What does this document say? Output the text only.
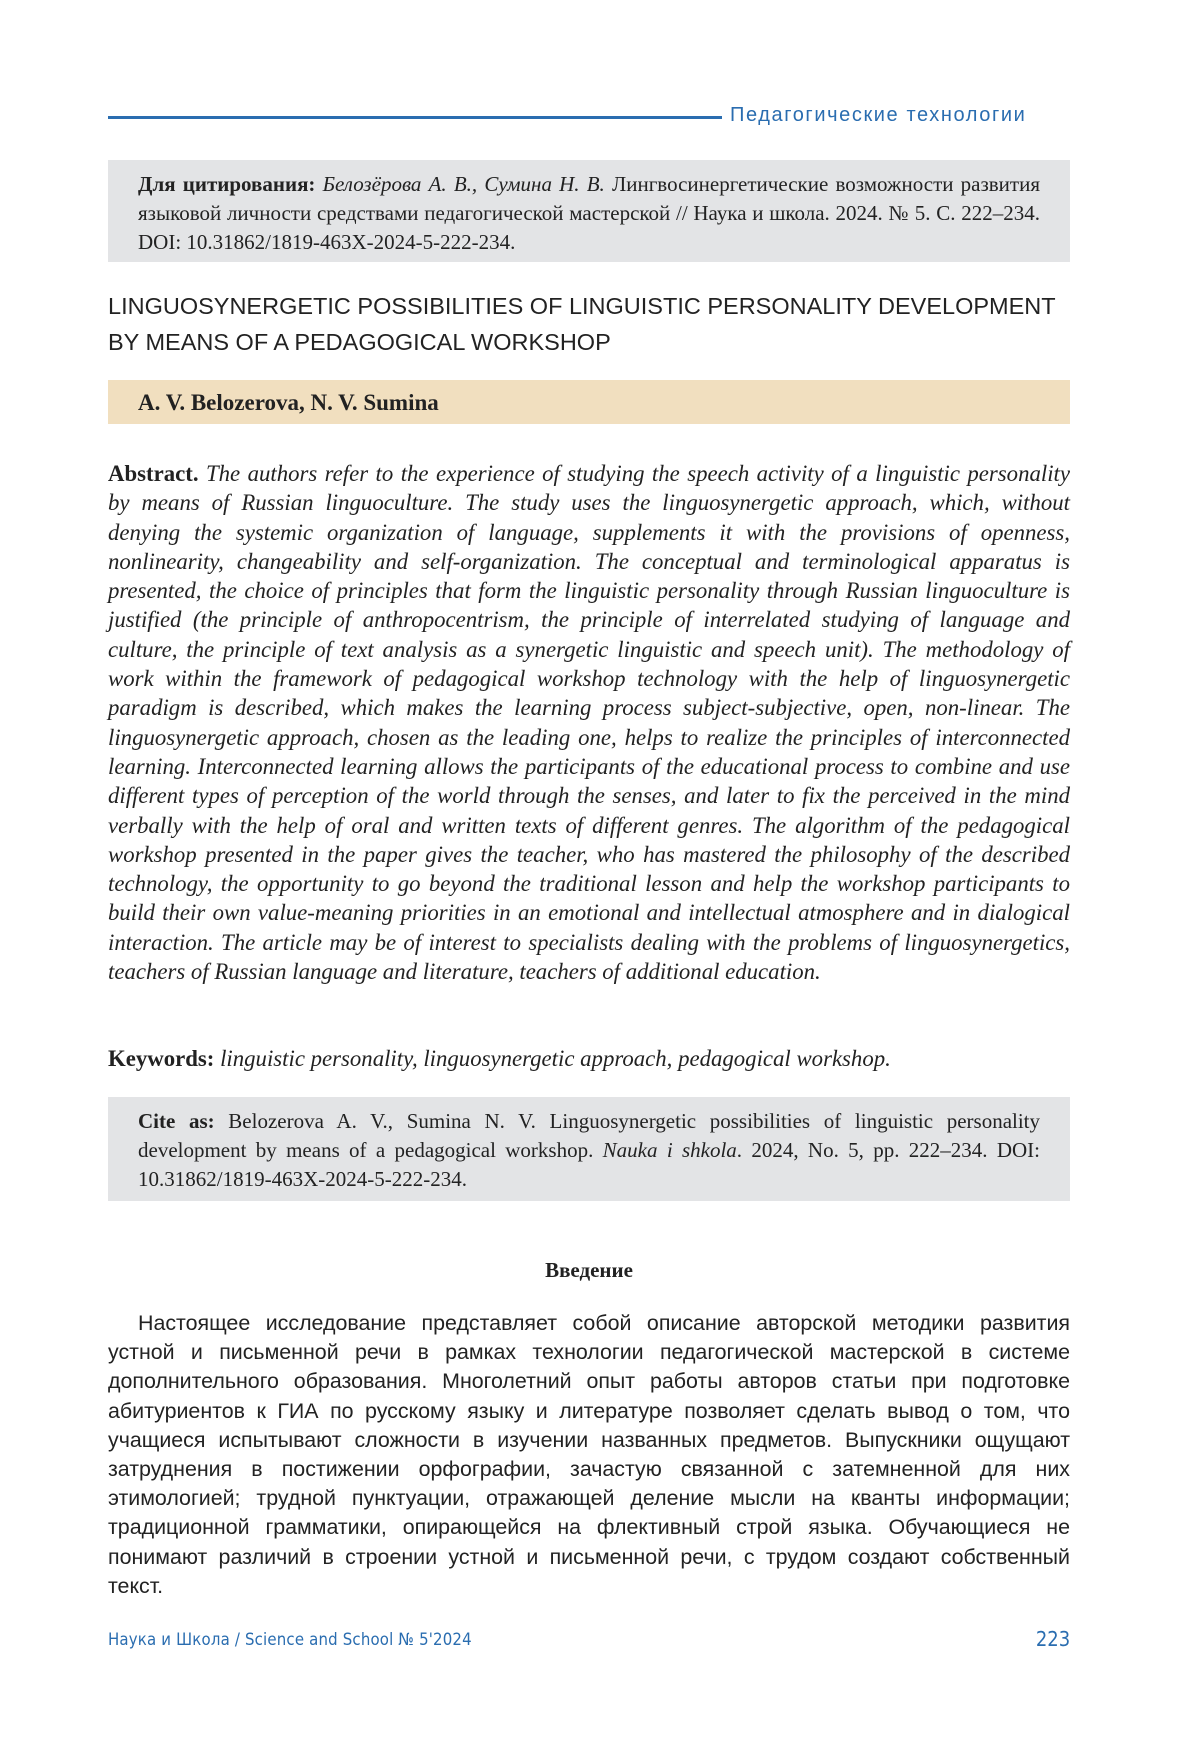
Педагогические технологии
Для цитирования: Белозёрова А. В., Сумина Н. В. Лингвосинергетические возможности развития языковой личности средствами педагогической мастерской // Наука и школа. 2024. № 5. С. 222–234. DOI: 10.31862/1819-463Х-2024-5-222-234.
LINGUOSYNERGETIC POSSIBILITIES OF LINGUISTIC PERSONALITY DEVELOPMENT BY MEANS OF A PEDAGOGICAL WORKSHOP
A. V. Belozerova, N. V. Sumina
Abstract. The authors refer to the experience of studying the speech activity of a linguistic personality by means of Russian linguoculture. The study uses the linguosynergetic approach, which, without denying the systemic organization of language, supplements it with the provisions of openness, nonlinearity, changeability and self-organization. The conceptual and terminological apparatus is presented, the choice of principles that form the linguistic personality through Russian linguoculture is justified (the principle of anthropocentrism, the principle of interrelated studying of language and culture, the principle of text analysis as a synergetic linguistic and speech unit). The methodology of work within the framework of pedagogical workshop technology with the help of linguosynergetic paradigm is described, which makes the learning process subject-subjective, open, non-linear. The linguosynergetic approach, chosen as the leading one, helps to realize the principles of interconnected learning. Interconnected learning allows the participants of the educational process to combine and use different types of perception of the world through the senses, and later to fix the perceived in the mind verbally with the help of oral and written texts of different genres. The algorithm of the pedagogical workshop presented in the paper gives the teacher, who has mastered the philosophy of the described technology, the opportunity to go beyond the traditional lesson and help the workshop participants to build their own value-meaning priorities in an emotional and intellectual atmosphere and in dialogical interaction. The article may be of interest to specialists dealing with the problems of linguosynergetics, teachers of Russian language and literature, teachers of additional education.
Keywords: linguistic personality, linguosynergetic approach, pedagogical workshop.
Cite as: Belozerova A. V., Sumina N. V. Linguosynergetic possibilities of linguistic personality development by means of a pedagogical workshop. Nauka i shkola. 2024, No. 5, pp. 222–234. DOI: 10.31862/1819-463X-2024-5-222-234.
Введение
Настоящее исследование представляет собой описание авторской методики развития устной и письменной речи в рамках технологии педагогической мастерской в системе дополнительного образования. Многолетний опыт работы авторов статьи при подготовке абитуриентов к ГИА по русскому языку и литературе позволяет сделать вывод о том, что учащиеся испытывают сложности в изучении названных предметов. Выпускники ощущают затруднения в постижении орфографии, зачастую связанной с затемненной для них этимологией; трудной пунктуации, отражающей деление мысли на кванты информации; традиционной грамматики, опирающейся на флективный строй языка. Обучающиеся не понимают различий в строении устной и письменной речи, с трудом создают собственный текст.
Наука и Школа / Science and School № 5'2024	223
